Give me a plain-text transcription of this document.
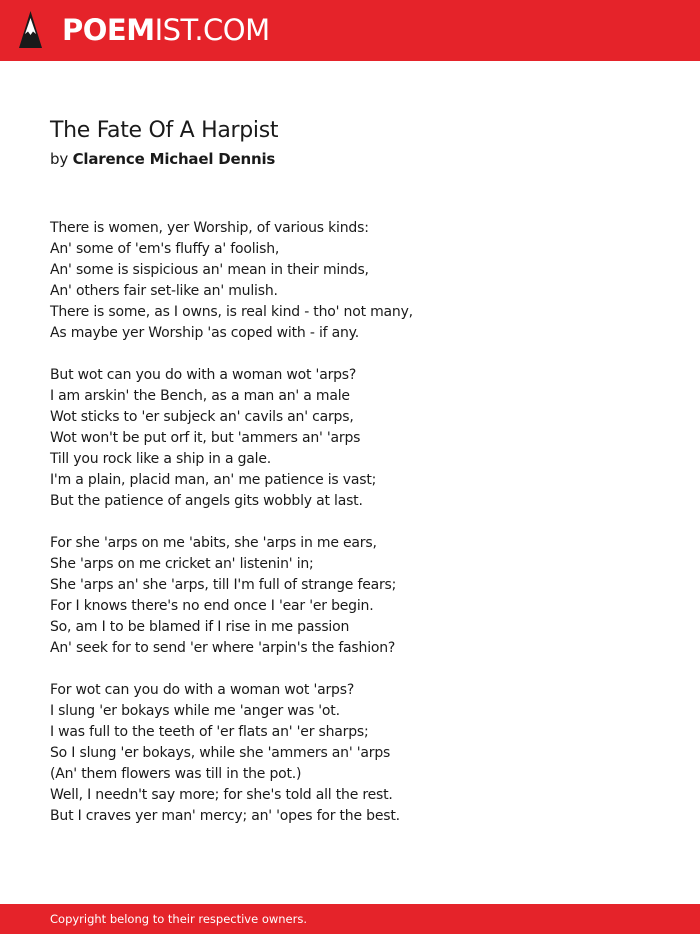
POEMIST.COM
The Fate Of A Harpist
by Clarence Michael Dennis
There is women, yer Worship, of various kinds:
An' some of 'em's fluffy a' foolish,
An' some is sispicious an' mean in their minds,
An' others fair set-like an' mulish.
There is some, as I owns, is real kind - tho' not many,
As maybe yer Worship 'as coped with - if any.
But wot can you do with a woman wot 'arps?
I am arskin' the Bench, as a man an' a male
Wot sticks to 'er subjeck an' cavils an' carps,
Wot won't be put orf it, but 'ammers an' 'arps
Till you rock like a ship in a gale.
I'm a plain, placid man, an' me patience is vast;
But the patience of angels gits wobbly at last.
For she 'arps on me 'abits, she 'arps in me ears,
She 'arps on me cricket an' listenin' in;
She 'arps an' she 'arps, till I'm full of strange fears;
For I knows there's no end once I 'ear 'er begin.
So, am I to be blamed if I rise in me passion
An' seek for to send 'er where 'arpin's the fashion?
For wot can you do with a woman wot 'arps?
I slung 'er bokays while me 'anger was 'ot.
I was full to the teeth of 'er flats an' 'er sharps;
So I slung 'er bokays, while she 'ammers an' 'arps
(An' them flowers was till in the pot.)
Well, I needn't say more; for she's told all the rest.
But I craves yer man' mercy; an' 'opes for the best.
Copyright belong to their respective owners.
